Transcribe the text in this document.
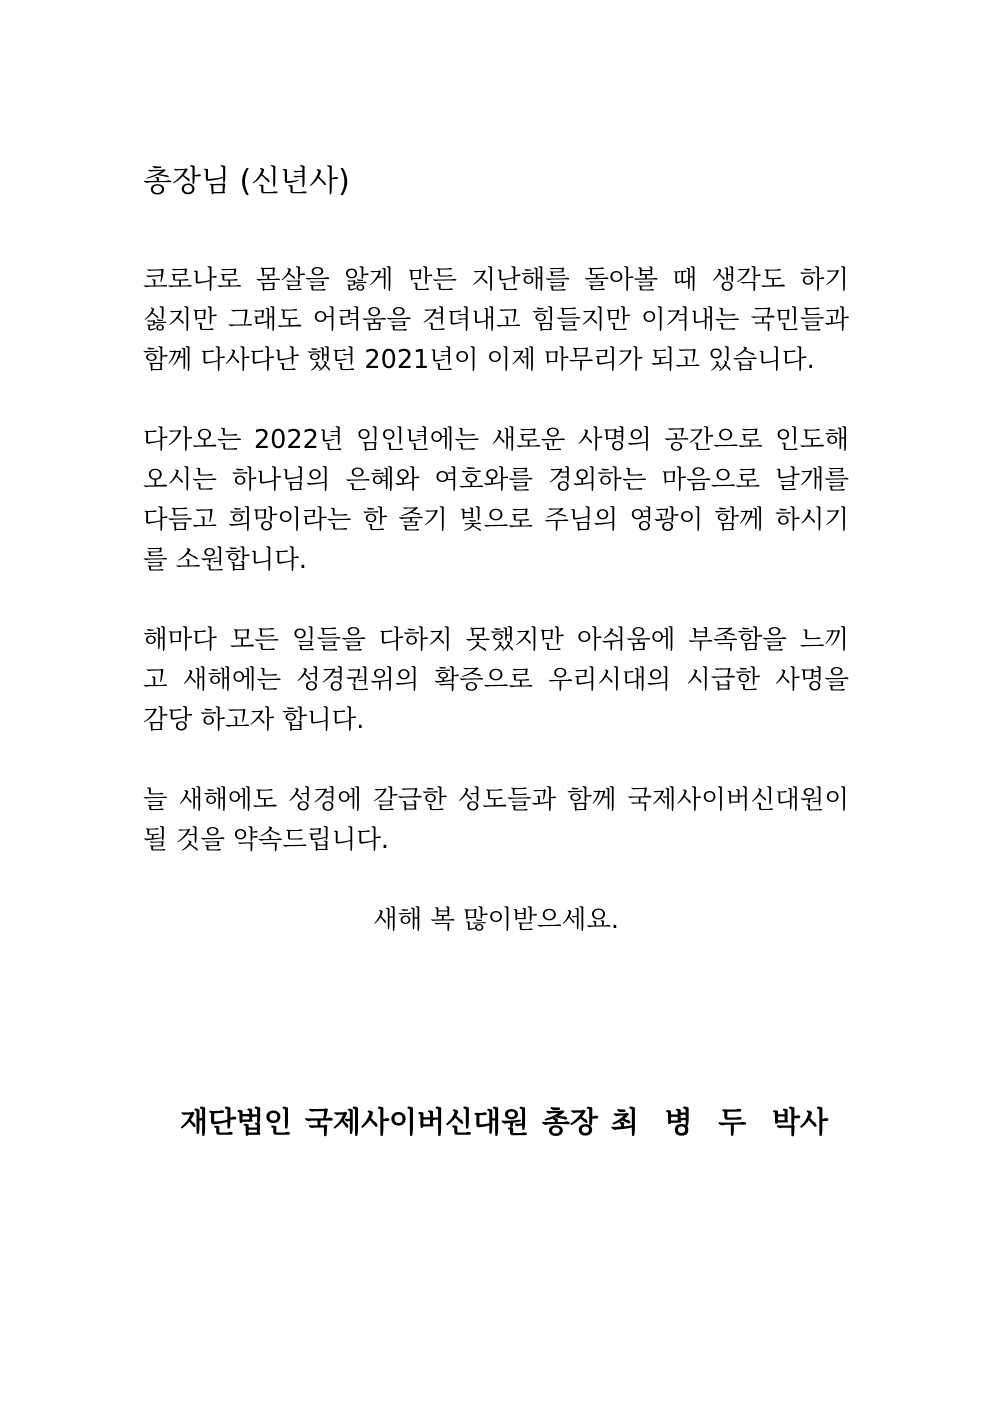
총장님 (신년사)
코로나로 몸살을 앓게 만든 지난해를 돌아볼 때 생각도 하기
싫지만 그래도 어려움을 견뎌내고 힘들지만 이겨내는 국민들과
함께 다사다난 했던 2021년이 이제 마무리가 되고 있습니다.
다가오는 2022년 임인년에는 새로운 사명의 공간으로 인도해
오시는 하나님의 은혜와 여호와를 경외하는 마음으로 날개를
다듬고 희망이라는 한 줄기 빛으로 주님의 영광이 함께 하시기
를 소원합니다.
해마다 모든 일들을 다하지 못했지만 아쉬움에 부족함을 느끼
고 새해에는 성경권위의 확증으로 우리시대의 시급한 사명을
감당 하고자 합니다.
늘 새해에도 성경에 갈급한 성도들과 함께 국제사이버신대원이
될 것을 약속드립니다.
새해 복 많이받으세요.
재단법인 국제사이버신대원 총장 최  병  두  박사
